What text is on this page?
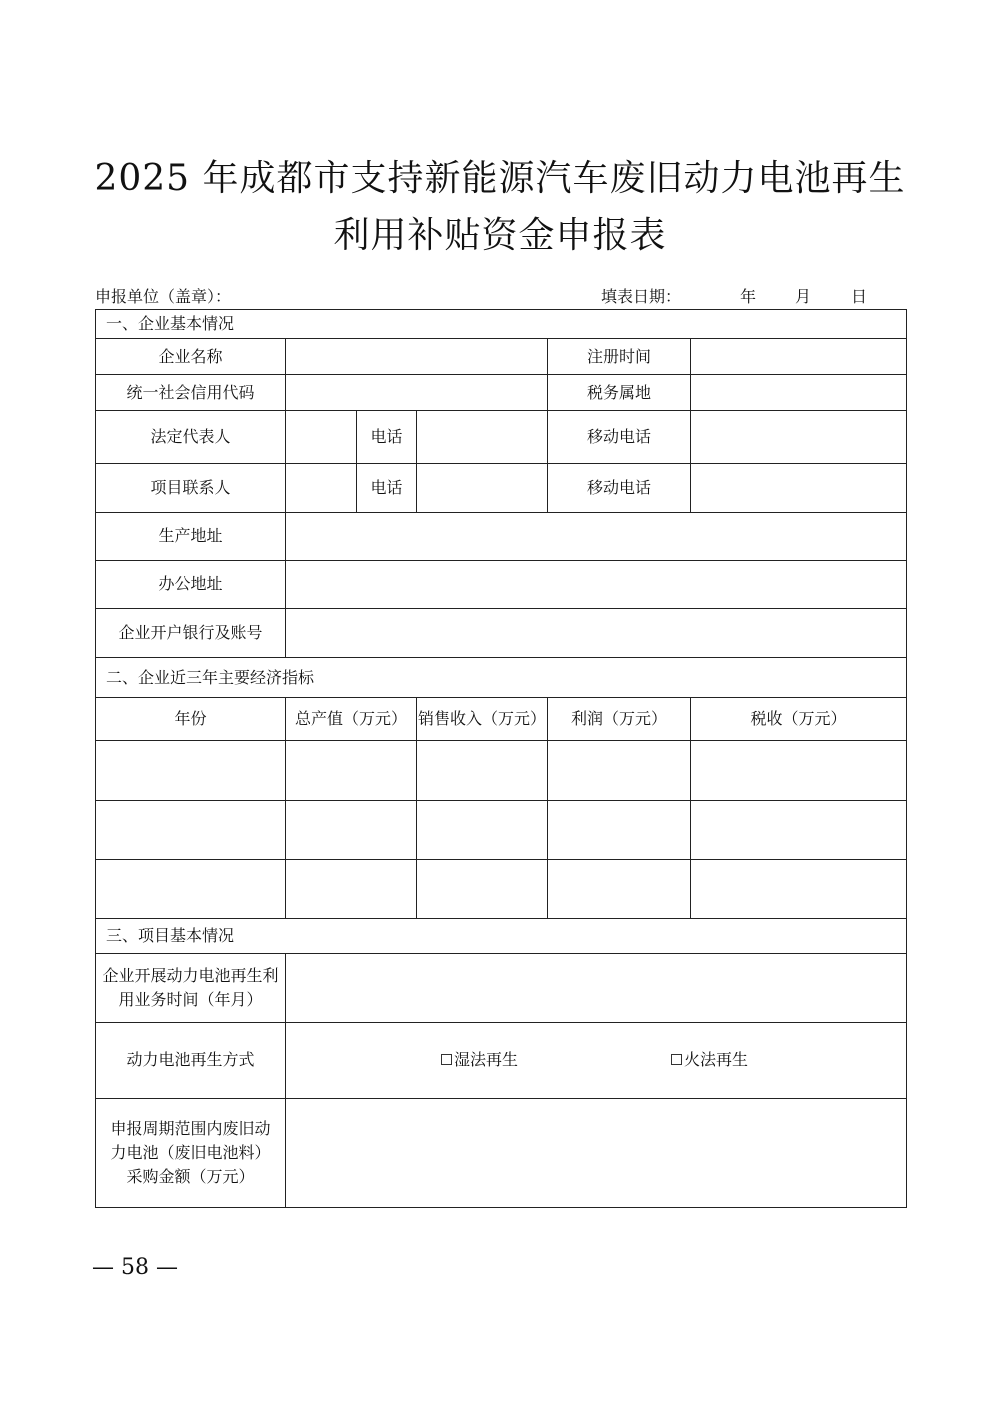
2025 年成都市支持新能源汽车废旧动力电池再生
利用补贴资金申报表
申报单位（盖章）：	填表日期：	年 月 日
一、企业基本情况					
企业名称				注册时间	
统一社会信用代码				税务属地	
法定代表人		电话		移动电话	
项目联系人		电话		移动电话	
生产地址					
办公地址					
企业开户银行及账号					
二、企业近三年主要经济指标					
年份	总产值（万元）		销售收入（万元）	利润（万元）	税收（万元）

三、项目基本情况					
企业开展动力电池再生利用业务时间（年月）					
动力电池再生方式	湿法再生 火法再生				

申报周期范围内废旧动力电池（废旧电池料）采购金额（万元）					
— 58 —
